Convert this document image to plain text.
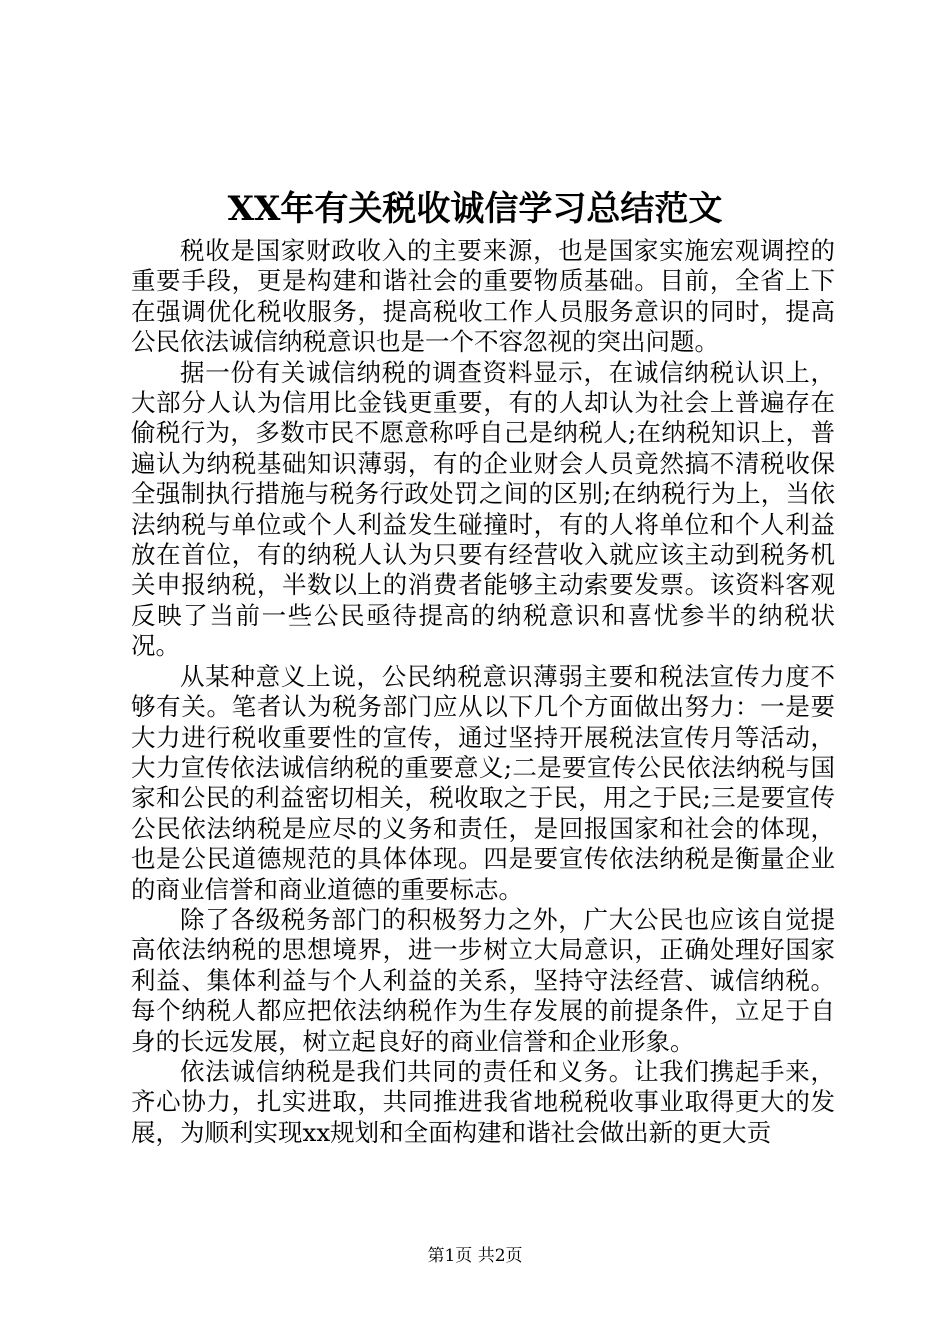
XX年有关税收诚信学习总结范文

税收是国家财政收入的主要来源，也是国家实施宏观调控的重要手段，更是构建和谐社会的重要物质基础。目前，全省上下在强调优化税收服务，提高税收工作人员服务意识的同时，提高公民依法诚信纳税意识也是一个不容忽视的突出问题。

据一份有关诚信纳税的调查资料显示，在诚信纳税认识上，大部分人认为信用比金钱更重要，有的人却认为社会上普遍存在偷税行为，多数市民不愿意称呼自己是纳税人;在纳税知识上，普遍认为纳税基础知识薄弱，有的企业财会人员竟然搞不清税收保全强制执行措施与税务行政处罚之间的区别;在纳税行为上，当依法纳税与单位或个人利益发生碰撞时，有的人将单位和个人利益放在首位，有的纳税人认为只要有经营收入就应该主动到税务机关申报纳税，半数以上的消费者能够主动索要发票。该资料客观反映了当前一些公民亟待提高的纳税意识和喜忧参半的纳税状况。

从某种意义上说，公民纳税意识薄弱主要和税法宣传力度不够有关。笔者认为税务部门应从以下几个方面做出努力：一是要大力进行税收重要性的宣传，通过坚持开展税法宣传月等活动，大力宣传依法诚信纳税的重要意义;二是要宣传公民依法纳税与国家和公民的利益密切相关，税收取之于民，用之于民;三是要宣传公民依法纳税是应尽的义务和责任，是回报国家和社会的体现，也是公民道德规范的具体体现。四是要宣传依法纳税是衡量企业的商业信誉和商业道德的重要标志。

除了各级税务部门的积极努力之外，广大公民也应该自觉提高依法纳税的思想境界，进一步树立大局意识，正确处理好国家利益、集体利益与个人利益的关系，坚持守法经营、诚信纳税。每个纳税人都应把依法纳税作为生存发展的前提条件，立足于自身的长远发展，树立起良好的商业信誉和企业形象。

依法诚信纳税是我们共同的责任和义务。让我们携起手来，齐心协力，扎实进取，共同推进我省地税税收事业取得更大的发展，为顺利实现xx规划和全面构建和谐社会做出新的更大贡

第1页 共2页
